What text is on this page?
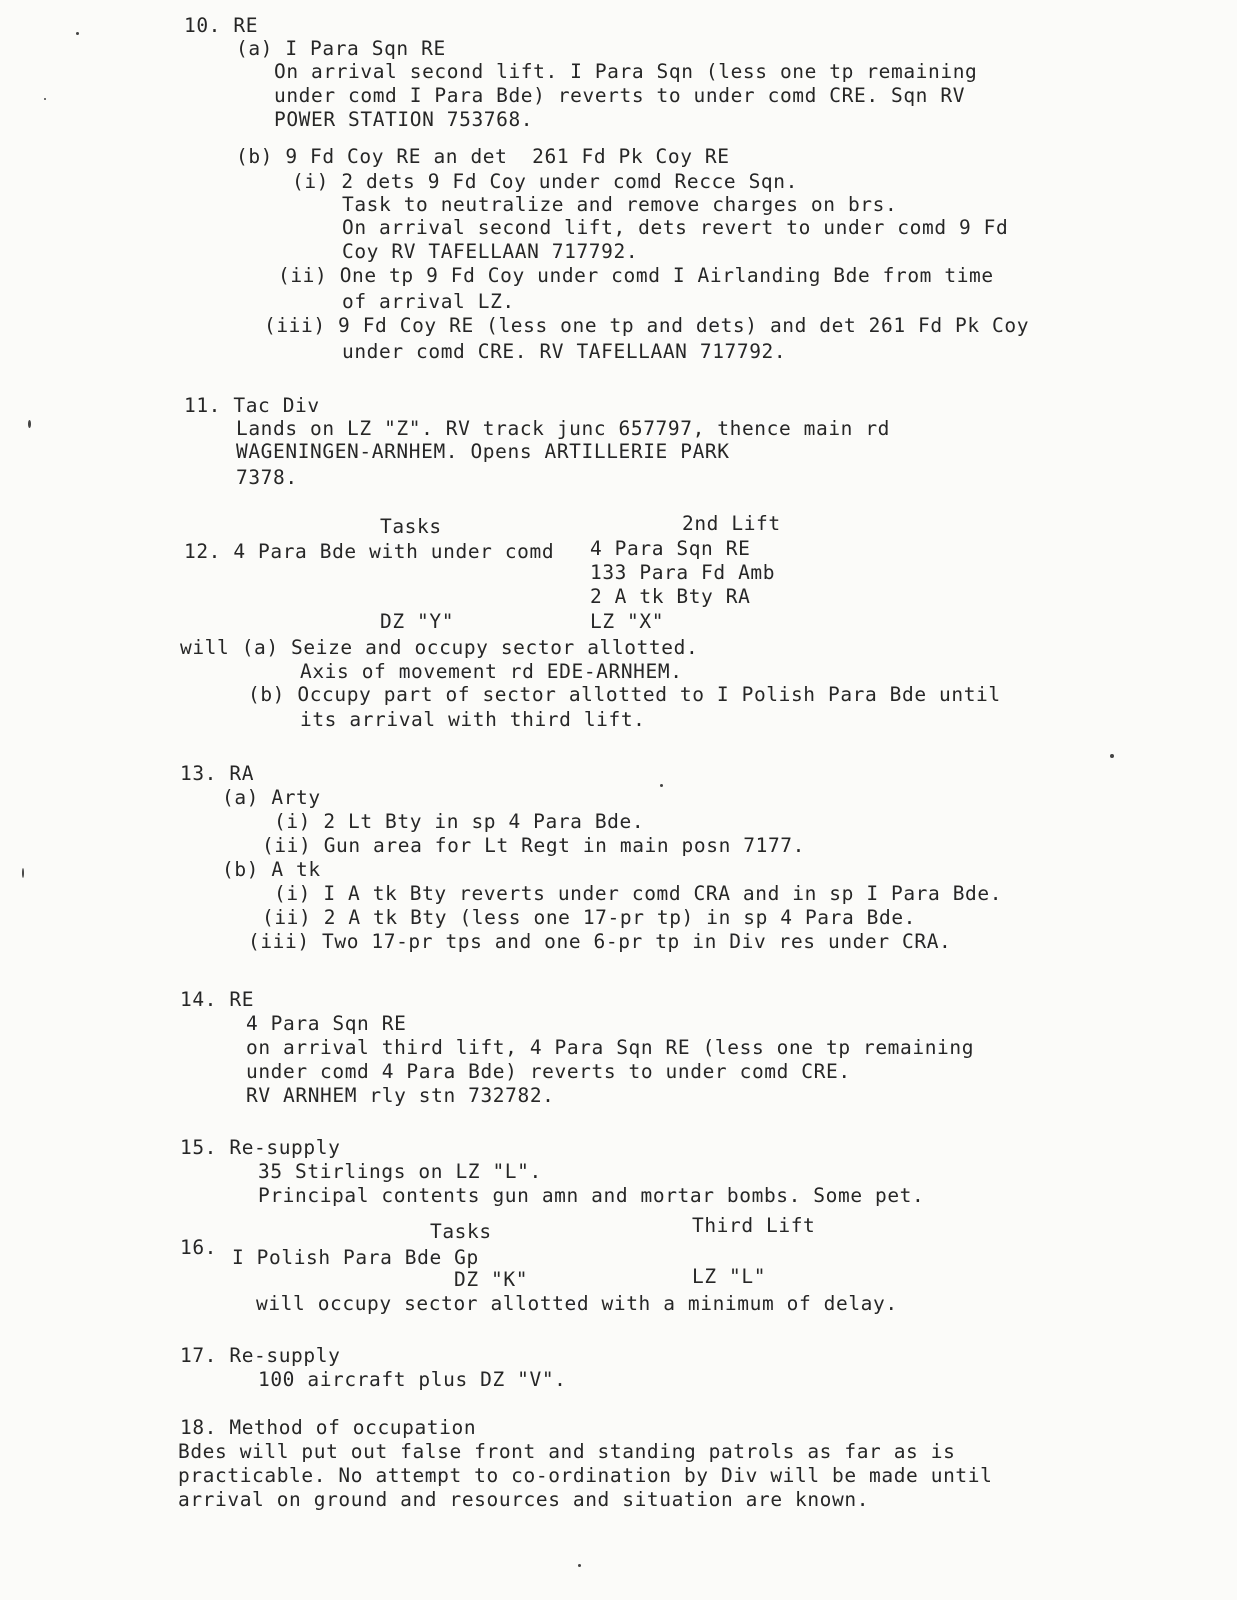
10. RE
(a) I Para Sqn RE
On arrival second lift. I Para Sqn (less one tp remaining
under comd I Para Bde) reverts to under comd CRE. Sqn RV
POWER STATION 753768.
(b) 9 Fd Coy RE an det  261 Fd Pk Coy RE
(i) 2 dets 9 Fd Coy under comd Recce Sqn.
Task to neutralize and remove charges on brs.
On arrival second lift, dets revert to under comd 9 Fd
Coy RV TAFELLAAN 717792.
(ii) One tp 9 Fd Coy under comd I Airlanding Bde from time
of arrival LZ.
(iii) 9 Fd Coy RE (less one tp and dets) and det 261 Fd Pk Coy
under comd CRE. RV TAFELLAAN 717792.
11. Tac Div
Lands on LZ "Z". RV track junc 657797, thence main rd
WAGENINGEN-ARNHEM. Opens ARTILLERIE PARK
7378.
Tasks	2nd Lift
12. 4 Para Bde with under comd 4 Para Sqn RE
133 Para Fd Amb
2 A tk Bty RA
DZ "Y"	LZ "X"
will (a) Seize and occupy sector allotted.
Axis of movement rd EDE-ARNHEM.
(b) Occupy part of sector allotted to I Polish Para Bde until
its arrival with third lift.
13. RA
(a) Arty
(i) 2 Lt Bty in sp 4 Para Bde.
(ii) Gun area for Lt Regt in main posn 7177.
(b) A tk
(i) I A tk Bty reverts under comd CRA and in sp I Para Bde.
(ii) 2 A tk Bty (less one 17-pr tp) in sp 4 Para Bde.
(iii) Two 17-pr tps and one 6-pr tp in Div res under CRA.
14. RE
4 Para Sqn RE
on arrival third lift, 4 Para Sqn RE (less one tp remaining
under comd 4 Para Bde) reverts to under comd CRE.
RV ARNHEM rly stn 732782.
15. Re-supply
35 Stirlings on LZ "L".
Principal contents gun amn and mortar bombs. Some pet.
Tasks	Third Lift
16. I Polish Para Bde Gp
DZ "K"	LZ "L"
will occupy sector allotted with a minimum of delay.
17. Re-supply
100 aircraft plus DZ "V".
18. Method of occupation
Bdes will put out false front and standing patrols as far as is
practicable. No attempt to co-ordination by Div will be made until
arrival on ground and resources and situation are known.
